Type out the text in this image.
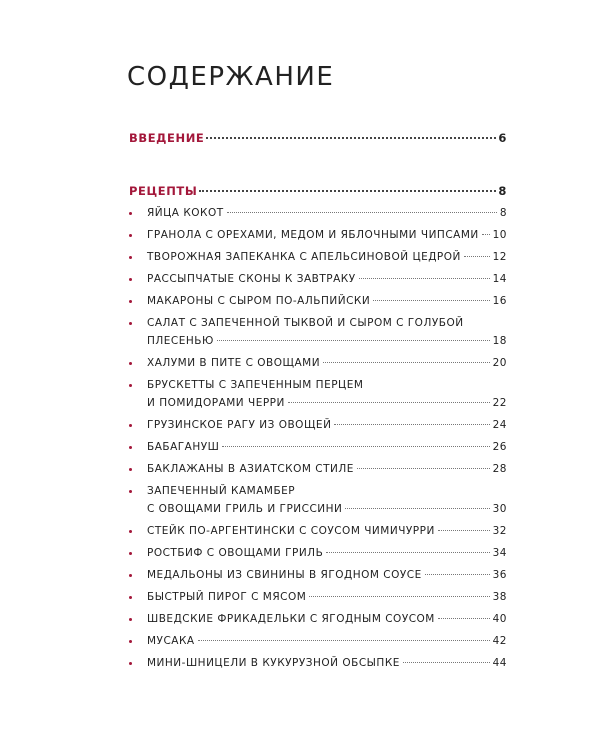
СОДЕРЖАНИЕ
ВВЕДЕНИЕ	6
РЕЦЕПТЫ	8
ЯЙЦА КОКОТ	8
ГРАНОЛА С ОРЕХАМИ, МЕДОМ И ЯБЛОЧНЫМИ ЧИПСАМИ 10
ТВОРОЖНАЯ ЗАПЕКАНКА С АПЕЛЬСИНОВОЙ ЦЕДРОЙ	12
РАССЫПЧАТЫЕ СКОНЫ К ЗАВТРАКУ	14
МАКАРОНЫ С СЫРОМ ПО-АЛЬПИЙСКИ	16
САЛАТ С ЗАПЕЧЕННОЙ ТЫКВОЙ И СЫРОМ С ГОЛУБОЙ
ПЛЕСЕНЬЮ	18
ХАЛУМИ В ПИТЕ С ОВОЩАМИ	20
БРУСКЕТТЫ С ЗАПЕЧЕННЫМ ПЕРЦЕМ
И ПОМИДОРАМИ ЧЕРРИ	22
ГРУЗИНСКОЕ РАГУ ИЗ ОВОЩЕЙ	24
БАБАГАНУШ	26
БАКЛАЖАНЫ В АЗИАТСКОМ СТИЛЕ	28
ЗАПЕЧЕННЫЙ КАМАМБЕР
С ОВОЩАМИ ГРИЛЬ И ГРИССИНИ	30
СТЕЙК ПО-АРГЕНТИНСКИ С СОУСОМ ЧИМИЧУРРИ	32
РОСТБИФ С ОВОЩАМИ ГРИЛЬ	34
МЕДАЛЬОНЫ ИЗ СВИНИНЫ В ЯГОДНОМ СОУСЕ	36
БЫСТРЫЙ ПИРОГ С МЯСОМ	38
ШВЕДСКИЕ ФРИКАДЕЛЬКИ С ЯГОДНЫМ СОУСОМ	40
МУСАКА	42
МИНИ-ШНИЦЕЛИ В КУКУРУЗНОЙ ОБСЫПКЕ	44
